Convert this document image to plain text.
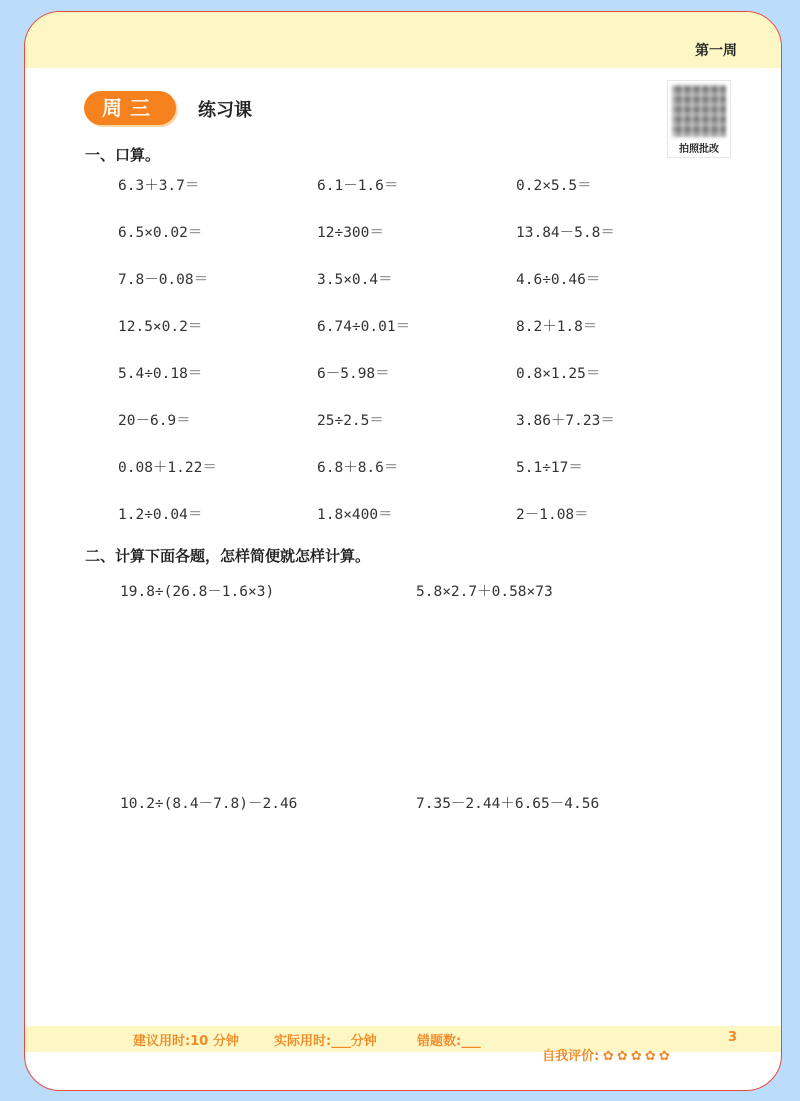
第一周
周三	练习课
拍照批改
一、口算。
6.3＋3.7＝	6.1－1.6＝	0.2×5.5＝
6.5×0.02＝	12÷300＝	13.84－5.8＝
7.8－0.08＝	3.5×0.4＝	4.6÷0.46＝
12.5×0.2＝	6.74÷0.01＝	8.2＋1.8＝
5.4÷0.18＝	6－5.98＝	0.8×1.25＝
20－6.9＝	25÷2.5＝	3.86＋7.23＝
0.08＋1.22＝	6.8＋8.6＝	5.1÷17＝
1.2÷0.04＝	1.8×400＝	2－1.08＝
二、计算下面各题，怎样简便就怎样计算。
19.8÷(26.8－1.6×3)	5.8×2.7＋0.58×73
10.2÷(8.4－7.8)－2.46	7.35－2.44＋6.65－4.56
建议用时:10 分钟	实际用时:___分钟	错题数:___

自我评价: ✿ ✿ ✿ ✿ ✿

3
